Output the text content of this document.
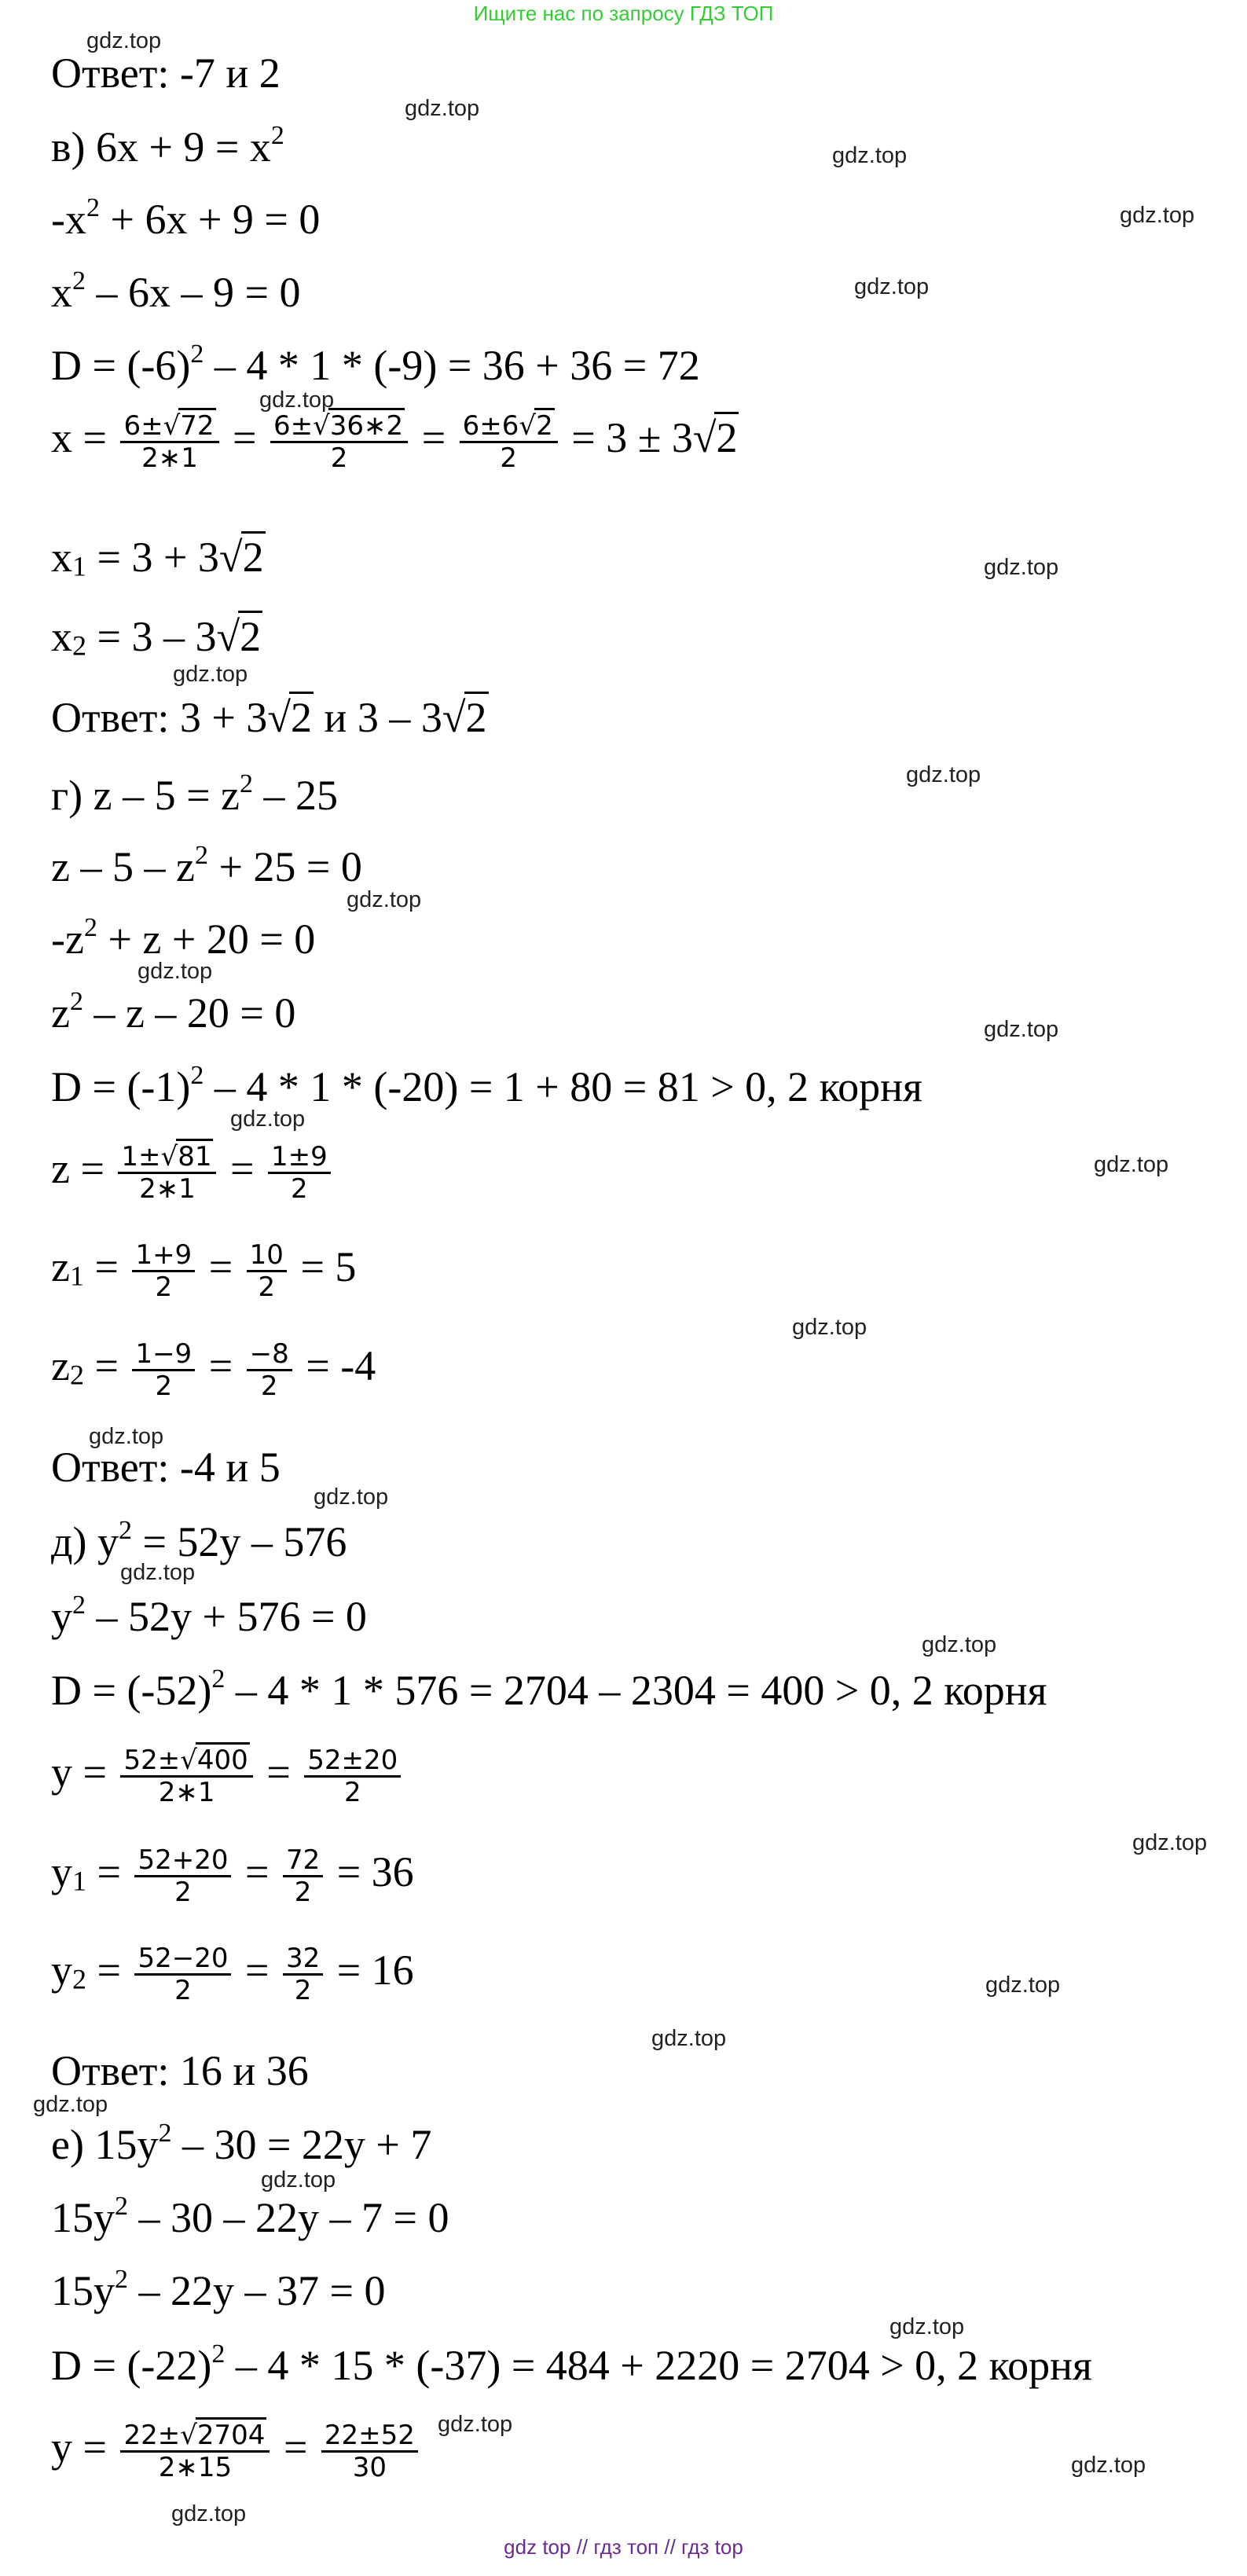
Ищите нас по запросу ГДЗ ТОП
gdz.top
gdz.top
gdz.top
gdz.top
gdz.top
gdz.top
gdz.top
gdz.top
gdz.top
gdz.top
gdz.top
gdz.top
gdz.top
gdz.top
gdz.top
gdz.top
gdz.top
gdz.top
gdz.top
gdz.top
gdz.top
gdz.top
gdz.top
gdz.top
gdz.top
gdz.top
gdz.top
gdz.top
Ответ: -7 и 2
в) $6x + 9 = x^2$
$-x^2 + 6x + 9 = 0$
$x^2 - 6x - 9 = 0$
$D = (-6)^2 - 4 * 1 * (-9) = 36 + 36 = 72$
$x = \frac{6\pm√72}{2∗1} = \frac{6\pm√36∗2}{2} = \frac{6\pm 6√2}{2} = 3 \pm 3√2$
$x_1 = 3 + 3√2$
$x_2 = 3 - 3√2$
Ответ: 3 + 3√2 и 3 – 3√2
г) $z - 5 = z^2 - 25$
$z - 5 - z^2 + 25 = 0$
$-z^2 + z + 20 = 0$
$z^2 - z - 20 = 0$
$D = (-1)^2 - 4 * 1 * (-20) = 1 + 80 = 81 > 0$, 2 корня
$z = \frac{1\pm√81}{2∗1} = \frac{1\pm 9}{2}$
$z_1 = \frac{1+9}{2} = \frac{10}{2} = 5$
$z_2 = \frac{1-9}{2} = \frac{-8}{2} = -4$
Ответ: -4 и 5
д) $y^2 = 52y - 576$
$y^2 - 52y + 576 = 0$
$D = (-52)^2 - 4 * 1 * 576 = 2704 - 2304 = 400 > 0$, 2 корня
$y = \frac{52\pm√400}{2∗1} = \frac{52\pm 20}{2}$
$y_1 = \frac{52+20}{2} = \frac{72}{2} = 36$
$y_2 = \frac{52-20}{2} = \frac{32}{2} = 16$
Ответ: 16 и 36
е) $15y^2 - 30 = 22y + 7$
$15y^2 - 30 - 22y - 7 = 0$
$15y^2 - 22y - 37 = 0$
$D = (-22)^2 - 4 * 15 * (-37) = 484 + 2220 = 2704 > 0$, 2 корня
$y = \frac{22\pm√2704}{2∗15} = \frac{22\pm 52}{30}$
gdz top // гдз топ // гдз top
